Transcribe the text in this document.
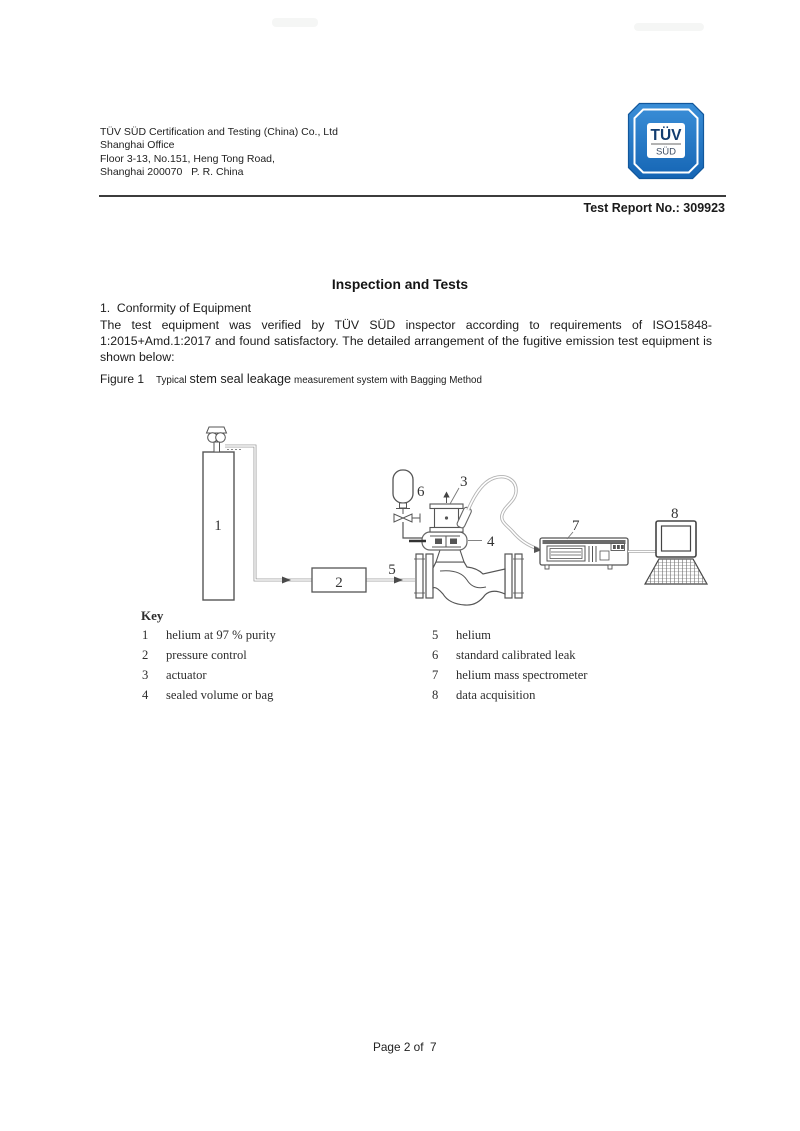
TÜV SÜD Certification and Testing (China) Co., Ltd
Shanghai Office
Floor 3-13, No.151, Heng Tong Road,
Shanghai 200070   P. R. China
TÜV
SÜD
Test Report No.: 309923
Inspection and Tests
1.  Conformity of Equipment
The test equipment was verified by TÜV SÜD inspector according to requirements of ISO15848-1:2015+Amd.1:2017 and found satisfactory. The detailed arrangement of the fugitive emission test equipment is shown below:
Figure 1 Typical stem seal leakage measurement system with Bagging Method
1
2
5
4
3
6
7
8
Key
1 helium at 97 % purity
2 pressure control
3 actuator
4 sealed volume or bag
5 helium
6 standard calibrated leak
7 helium mass spectrometer
8 data acquisition
Page 2 of  7
